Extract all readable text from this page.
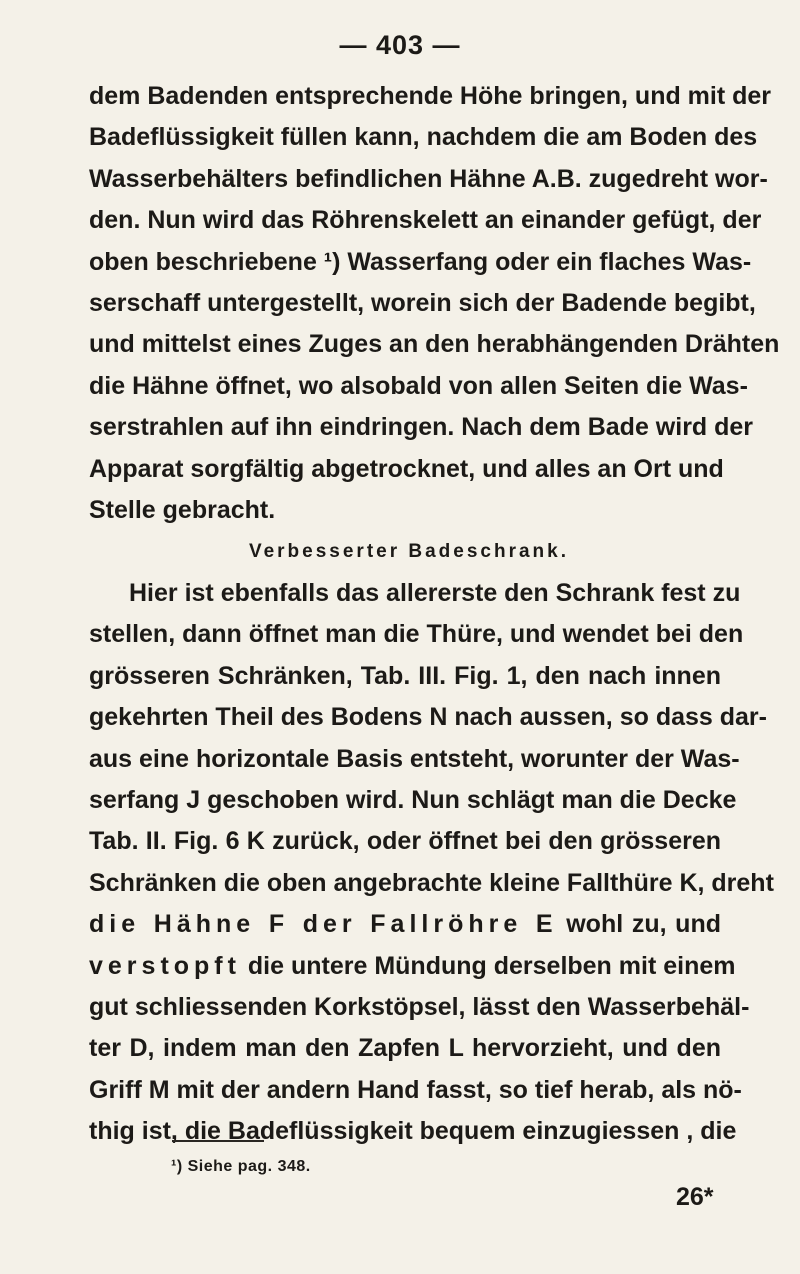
— 403 —
dem Badenden entsprechende Höhe bringen, und mit der
Badeflüssigkeit füllen kann, nachdem die am Boden des
Wasserbehälters befindlichen Hähne A.B. zugedreht wor-
den. Nun wird das Röhrenskelett an einander gefügt, der
oben beschriebene ¹) Wasserfang oder ein flaches Was-
serschaff untergestellt, worein sich der Badende begibt,
und mittelst eines Zuges an den herabhängenden Drähten
die Hähne öffnet, wo alsobald von allen Seiten die Was-
serstrahlen auf ihn eindringen. Nach dem Bade wird der
Apparat sorgfältig abgetrocknet, und alles an Ort und
Stelle gebracht.
Verbesserter Badeschrank.
Hier ist ebenfalls das allererste den Schrank fest zu
stellen, dann öffnet man die Thüre, und wendet bei den
grösseren Schränken, Tab. III. Fig. 1, den nach innen
gekehrten Theil des Bodens N nach aussen, so dass dar-
aus eine horizontale Basis entsteht, worunter der Was-
serfang J geschoben wird. Nun schlägt man die Decke
Tab. II. Fig. 6 K zurück, oder öffnet bei den grösseren
Schränken die oben angebrachte kleine Fallthüre K, dreht
die Hähne F der Fallröhre E wohl zu, und
verstopft die untere Mündung derselben mit einem
gut schliessenden Korkstöpsel, lässt den Wasserbehäl-
ter D, indem man den Zapfen L hervorzieht, und den
Griff M mit der andern Hand fasst, so tief herab, als nö-
thig ist, die Badeflüssigkeit bequem einzugiessen , die
¹) Siehe pag. 348.
26*
